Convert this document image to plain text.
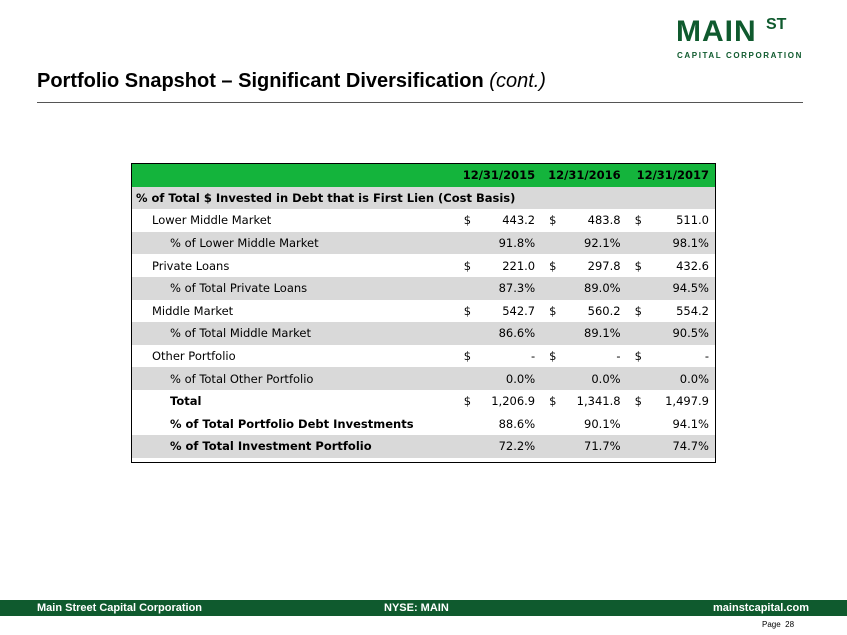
MAIN ST
CAPITAL CORPORATION
Portfolio Snapshot – Significant Diversification (cont.)
	12/31/2015		12/31/2016		12/31/2017	
% of Total $ Invested in Debt that is First Lien (Cost Basis)						
Lower Middle Market	$	443.2	$	483.8	$	511.0
% of Lower Middle Market	91.8%		92.1%		98.1%	
Private Loans	$	221.0	$	297.8	$	432.6
% of Total Private Loans	87.3%		89.0%		94.5%	
Middle Market	$	542.7	$	560.2	$	554.2
% of Total Middle Market	86.6%		89.1%		90.5%	
Other Portfolio	$	-	$	-	$	-
% of Total Other Portfolio	0.0%		0.0%		0.0%	
Total	$	1,206.9	$	1,341.8	$	1,497.9
% of Total Portfolio Debt Investments	88.6%		90.1%		94.1%	
% of Total Investment Portfolio	72.2%		71.7%		74.7%	
Main Street Capital Corporation	NYSE: MAIN	mainstcapital.com
Page 28
